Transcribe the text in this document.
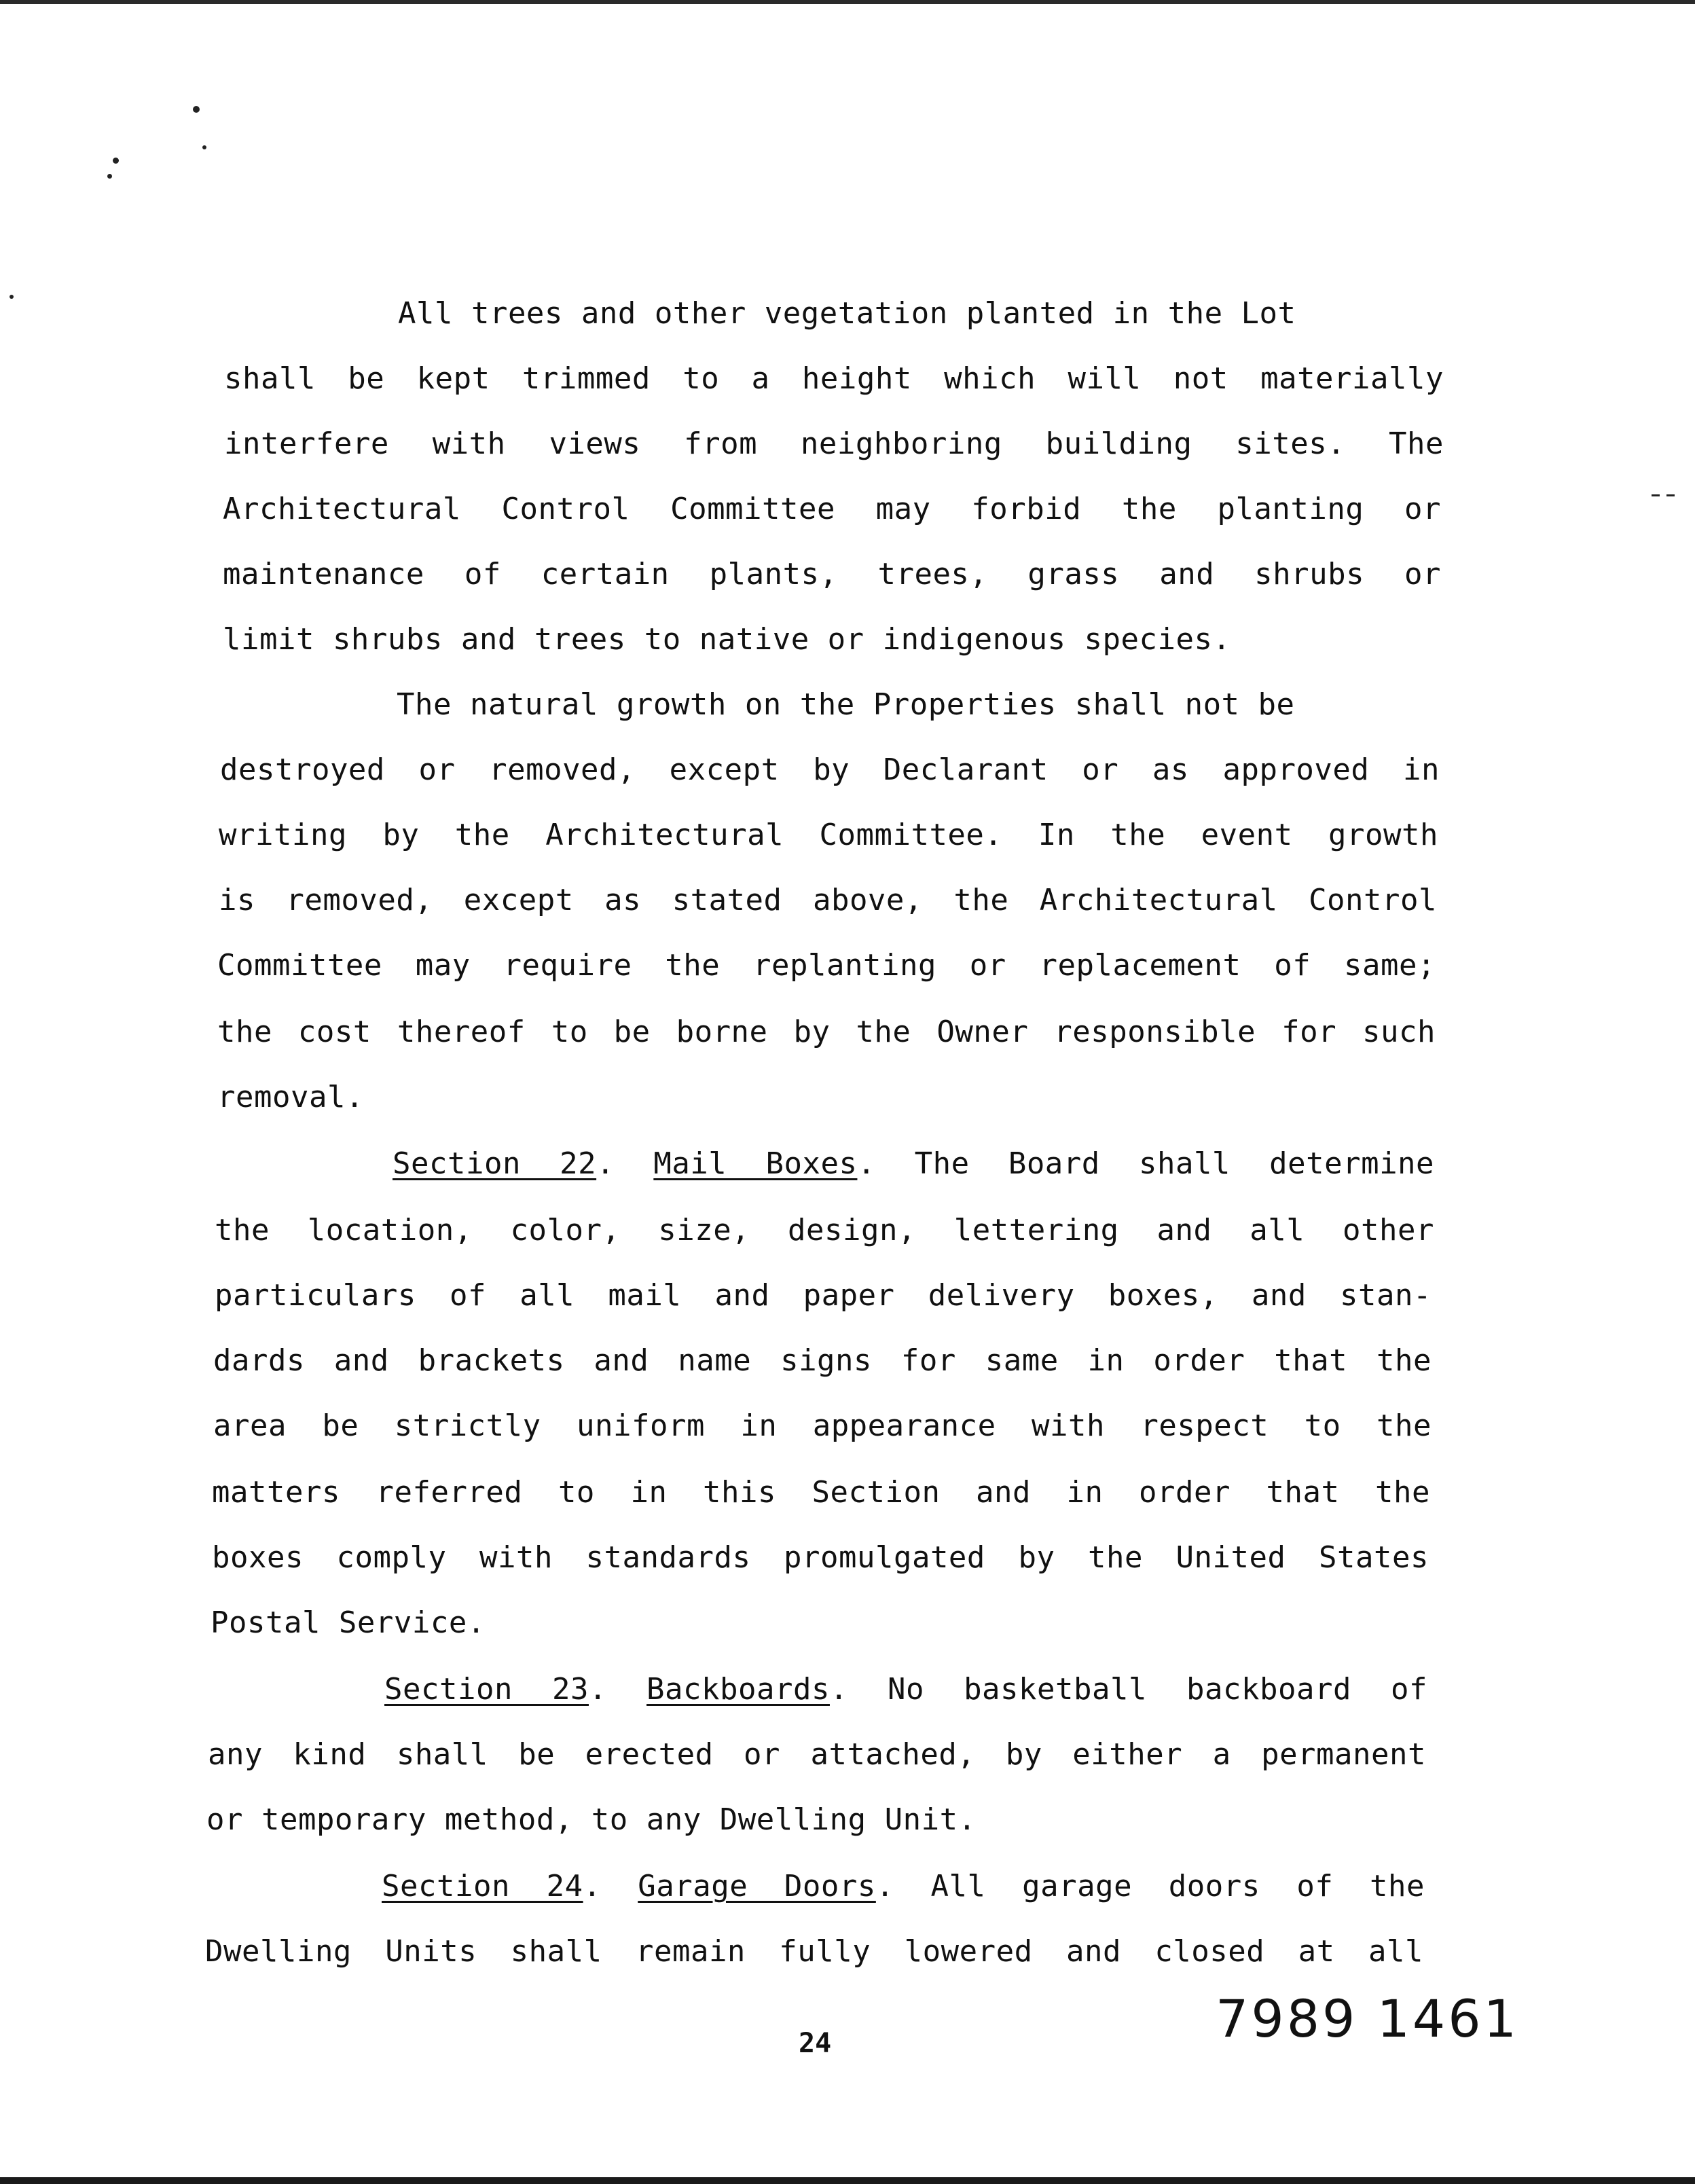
All trees and other vegetation planted in the Lot
shall be kept trimmed to a height which will not materially
interfere with views from neighboring building sites. The
Architectural Control Committee may forbid the planting or
maintenance of certain plants, trees, grass and shrubs or
limit shrubs and trees to native or indigenous species.
The natural growth on the Properties shall not be
destroyed or removed, except by Declarant or as approved in
writing by the Architectural Committee. In the event growth
is removed, except as stated above, the Architectural Control
Committee may require the replanting or replacement of same;
the cost thereof to be borne by the Owner responsible for such
removal.
Section 22. Mail Boxes. The Board shall determine
the location, color, size, design, lettering and all other
particulars of all mail and paper delivery boxes, and stan-
dards and brackets and name signs for same in order that the
area be strictly uniform in appearance with respect to the
matters referred to in this Section and in order that the
boxes comply with standards promulgated by the United States
Postal Service.
Section 23. Backboards. No basketball backboard of
any kind shall be erected or attached, by either a permanent
or temporary method, to any Dwelling Unit.
Section 24. Garage Doors. All garage doors of the
Dwelling Units shall remain fully lowered and closed at all
7989 1461
24
